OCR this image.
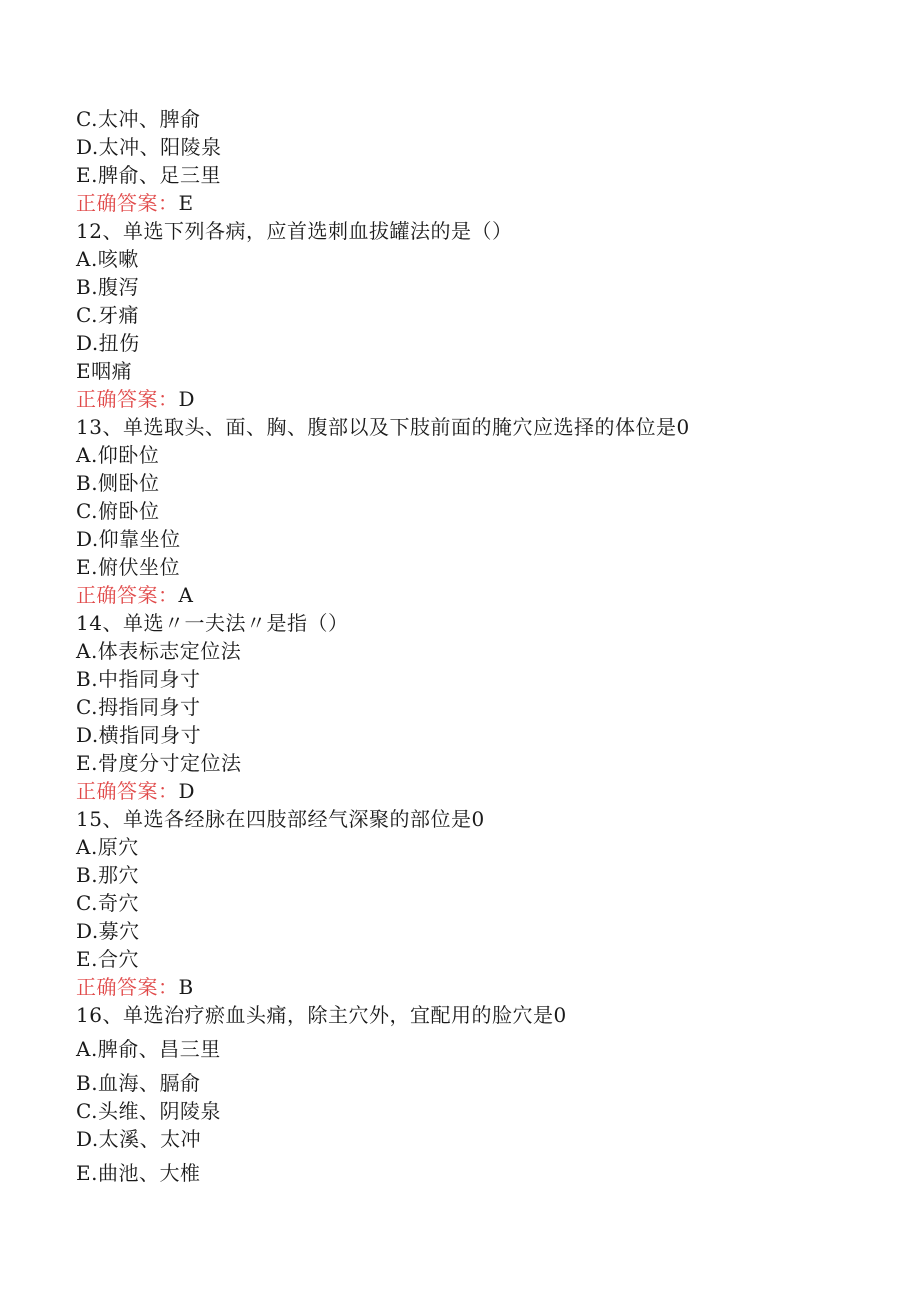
C.太冲、脾俞
D.太冲、阳陵泉
E.脾俞、足三里
正确答案：E
12、单选下列各病，应首选刺血拔罐法的是（）
A.咳嗽
B.腹泻
C.牙痛
D.扭伤
E咽痛
正确答案：D
13、单选取头、面、胸、腹部以及下肢前面的腌穴应选择的体位是0
A.仰卧位
B.侧卧位
C.俯卧位
D.仰靠坐位
E.俯伏坐位
正确答案：A
14、单选〃一夫法〃是指（）
A.体表标志定位法
B.中指同身寸
C.拇指同身寸
D.横指同身寸
E.骨度分寸定位法
正确答案：D
15、单选各经脉在四肢部经气深聚的部位是0
A.原穴
B.那穴
C.奇穴
D.募穴
E.合穴
正确答案：B
16、单选治疗瘀血头痛，除主穴外，宜配用的脸穴是0
A.脾俞、昌三里
B.血海、膈俞
C.头维、阴陵泉
D.太溪、太冲
E.曲池、大椎
